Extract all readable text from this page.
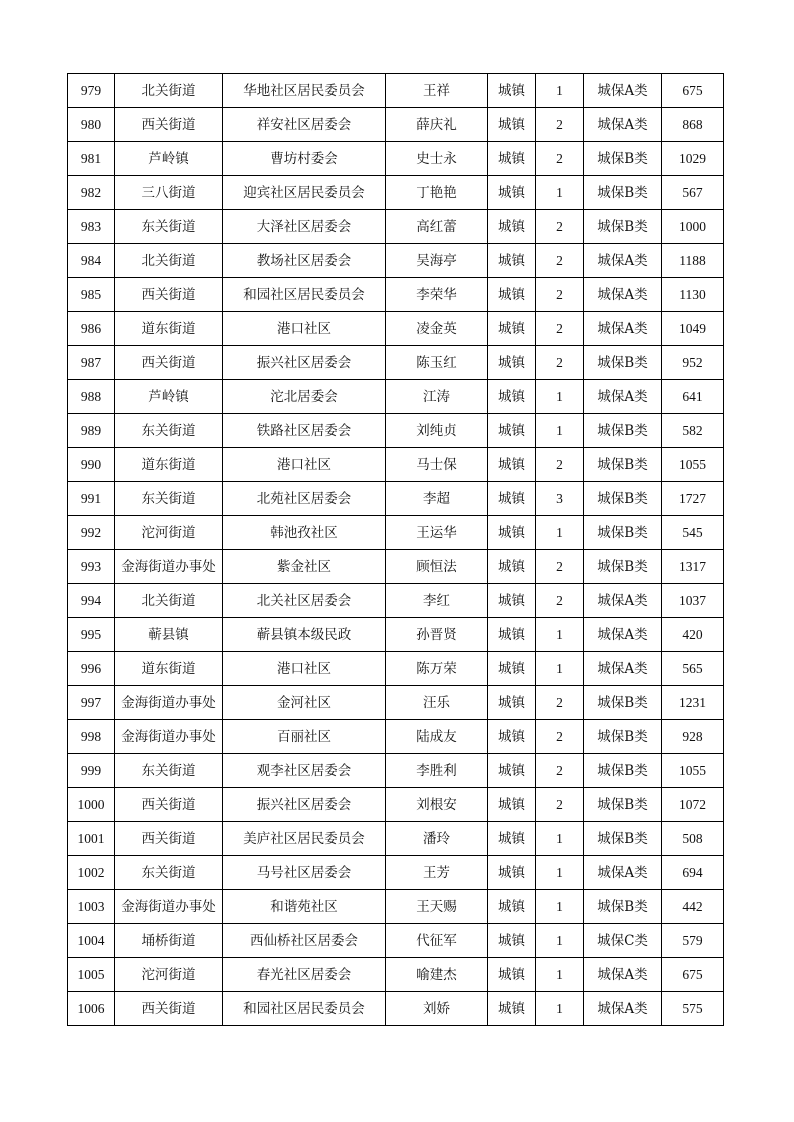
979	北关街道	华地社区居民委员会	王祥	城镇	1	城保A类	675
980	西关街道	祥安社区居委会	薛庆礼	城镇	2	城保A类	868
981	芦岭镇	曹坊村委会	史士永	城镇	2	城保B类	1029
982	三八街道	迎宾社区居民委员会	丁艳艳	城镇	1	城保B类	567
983	东关街道	大泽社区居委会	高红蕾	城镇	2	城保B类	1000
984	北关街道	教场社区居委会	吴海亭	城镇	2	城保A类	1188
985	西关街道	和园社区居民委员会	李荣华	城镇	2	城保A类	1130
986	道东街道	港口社区	凌金英	城镇	2	城保A类	1049
987	西关街道	振兴社区居委会	陈玉红	城镇	2	城保B类	952
988	芦岭镇	沱北居委会	江涛	城镇	1	城保A类	641
989	东关街道	铁路社区居委会	刘纯贞	城镇	1	城保B类	582
990	道东街道	港口社区	马士保	城镇	2	城保B类	1055
991	东关街道	北苑社区居委会	李超	城镇	3	城保B类	1727
992	沱河街道	韩池孜社区	王运华	城镇	1	城保B类	545
993	金海街道办事处	紫金社区	顾恒法	城镇	2	城保B类	1317
994	北关街道	北关社区居委会	李红	城镇	2	城保A类	1037
995	蕲县镇	蕲县镇本级民政	孙晋贤	城镇	1	城保A类	420
996	道东街道	港口社区	陈万荣	城镇	1	城保A类	565
997	金海街道办事处	金河社区	汪乐	城镇	2	城保B类	1231
998	金海街道办事处	百丽社区	陆成友	城镇	2	城保B类	928
999	东关街道	观李社区居委会	李胜利	城镇	2	城保B类	1055
1000	西关街道	振兴社区居委会	刘根安	城镇	2	城保B类	1072
1001	西关街道	美庐社区居民委员会	潘玲	城镇	1	城保B类	508
1002	东关街道	马号社区居委会	王芳	城镇	1	城保A类	694
1003	金海街道办事处	和谐苑社区	王天赐	城镇	1	城保B类	442
1004	埇桥街道	西仙桥社区居委会	代征军	城镇	1	城保C类	579
1005	沱河街道	春光社区居委会	喻建杰	城镇	1	城保A类	675
1006	西关街道	和园社区居民委员会	刘娇	城镇	1	城保A类	575
